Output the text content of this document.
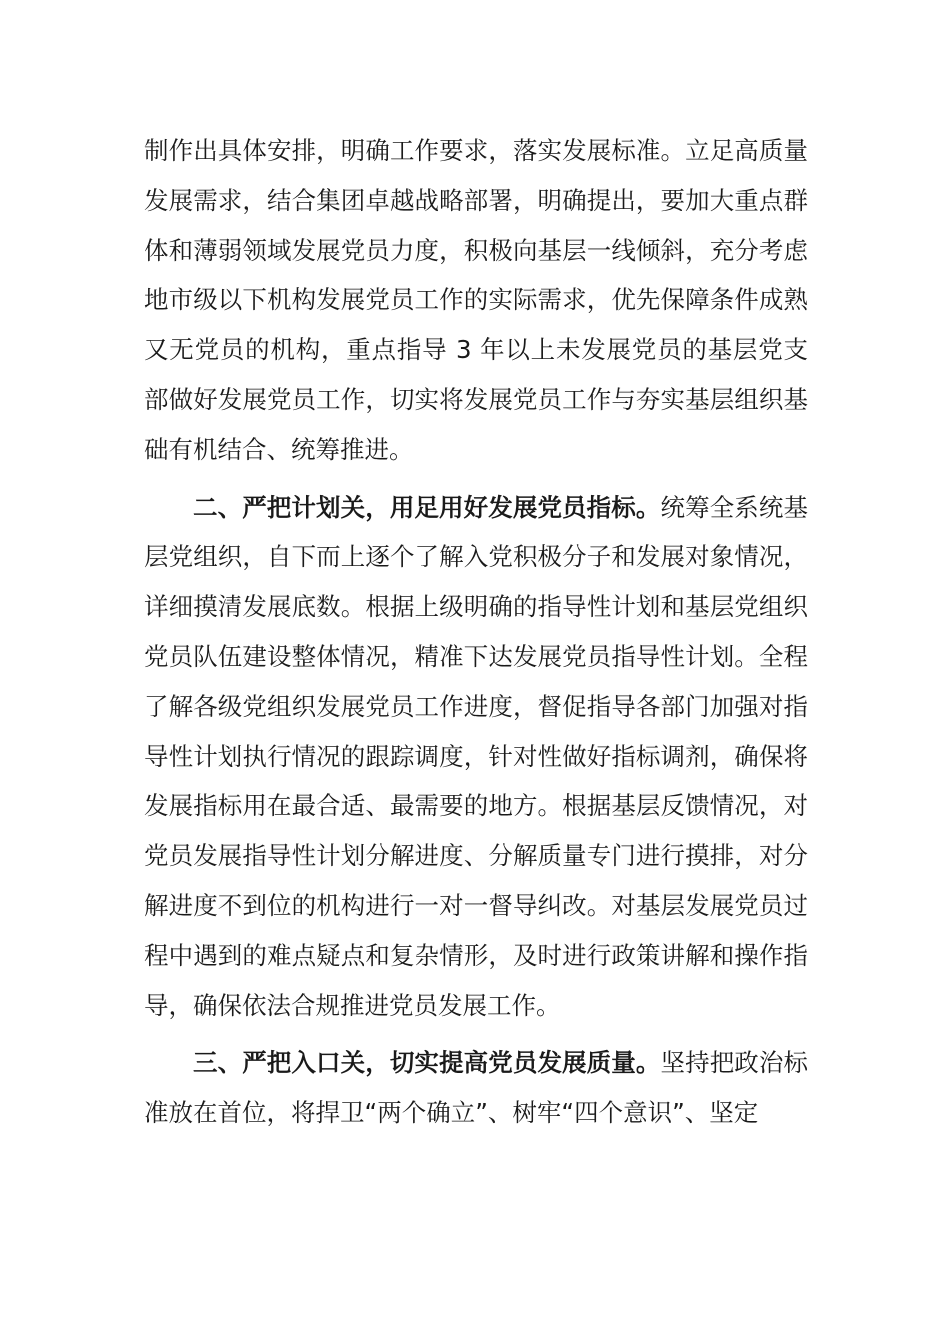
制作出具体安排，明确工作要求，落实发展标准。立足高质量发展需求，结合集团卓越战略部署，明确提出，要加大重点群体和薄弱领域发展党员力度，积极向基层一线倾斜，充分考虑地市级以下机构发展党员工作的实际需求，优先保障条件成熟又无党员的机构，重点指导 3 年以上未发展党员的基层党支部做好发展党员工作，切实将发展党员工作与夯实基层组织基础有机结合、统筹推进。

二、严把计划关，用足用好发展党员指标。统筹全系统基层党组织，自下而上逐个了解入党积极分子和发展对象情况，详细摸清发展底数。根据上级明确的指导性计划和基层党组织党员队伍建设整体情况，精准下达发展党员指导性计划。全程了解各级党组织发展党员工作进度，督促指导各部门加强对指导性计划执行情况的跟踪调度，针对性做好指标调剂，确保将发展指标用在最合适、最需要的地方。根据基层反馈情况，对党员发展指导性计划分解进度、分解质量专门进行摸排，对分解进度不到位的机构进行一对一督导纠改。对基层发展党员过程中遇到的难点疑点和复杂情形，及时进行政策讲解和操作指导，确保依法合规推进党员发展工作。

三、严把入口关，切实提高党员发展质量。坚持把政治标准放在首位，将捍卫“两个确立”、树牢“四个意识”、坚定
